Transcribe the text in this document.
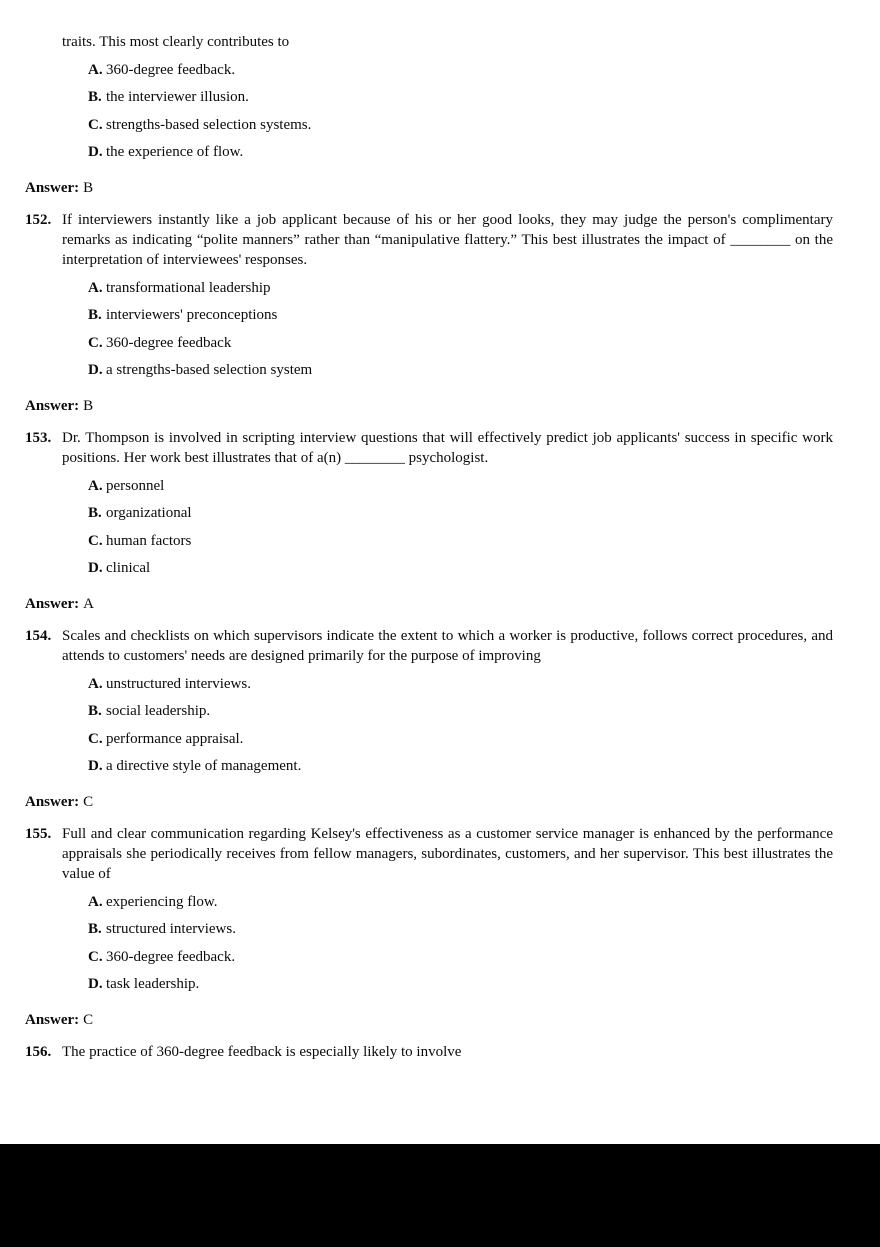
traits. This most clearly contributes to
A. 360-degree feedback.
B. the interviewer illusion.
C. strengths-based selection systems.
D. the experience of flow.
Answer: B
152. If interviewers instantly like a job applicant because of his or her good looks, they may judge the person's complimentary remarks as indicating “polite manners” rather than “manipulative flattery.” This best illustrates the impact of ________ on the interpretation of interviewees' responses.
A. transformational leadership
B. interviewers' preconceptions
C. 360-degree feedback
D. a strengths-based selection system
Answer: B
153. Dr. Thompson is involved in scripting interview questions that will effectively predict job applicants' success in specific work positions. Her work best illustrates that of a(n) ________ psychologist.
A. personnel
B. organizational
C. human factors
D. clinical
Answer: A
154. Scales and checklists on which supervisors indicate the extent to which a worker is productive, follows correct procedures, and attends to customers' needs are designed primarily for the purpose of improving
A. unstructured interviews.
B. social leadership.
C. performance appraisal.
D. a directive style of management.
Answer: C
155. Full and clear communication regarding Kelsey's effectiveness as a customer service manager is enhanced by the performance appraisals she periodically receives from fellow managers, subordinates, customers, and her supervisor. This best illustrates the value of
A. experiencing flow.
B. structured interviews.
C. 360-degree feedback.
D. task leadership.
Answer: C
156. The practice of 360-degree feedback is especially likely to involve
